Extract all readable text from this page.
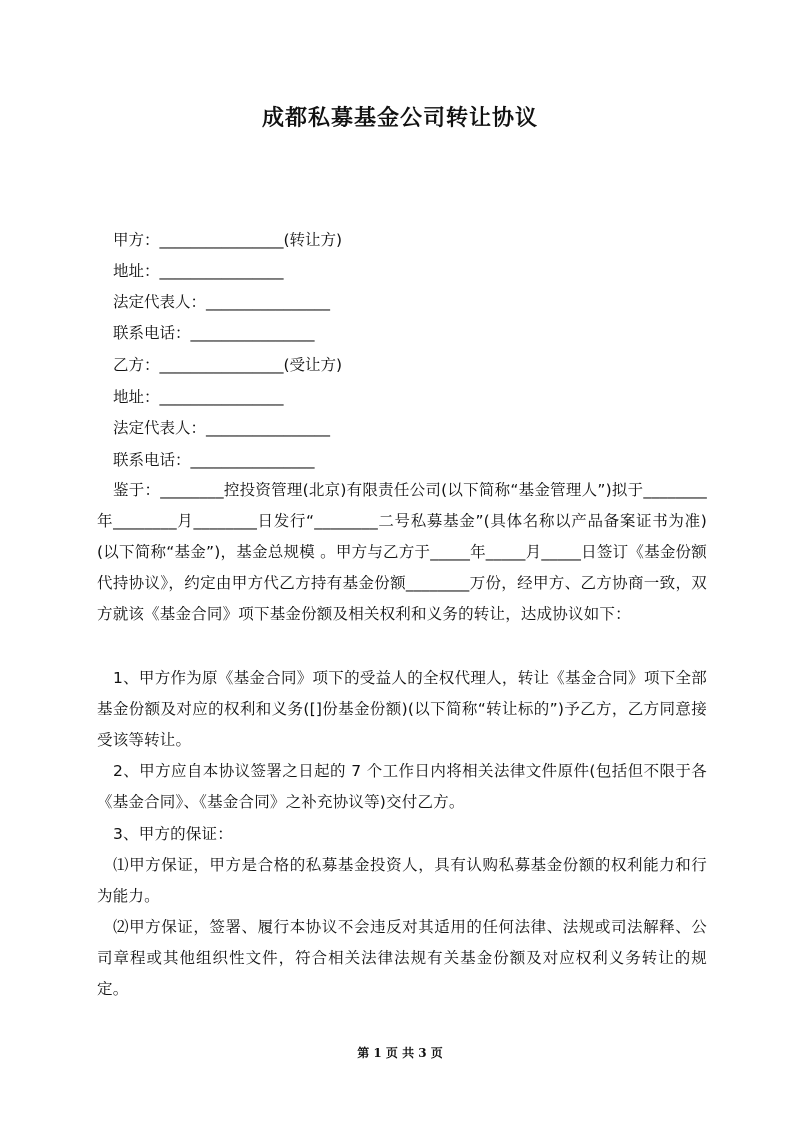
成都私募基金公司转让协议
甲方：________________(转让方)
地址：________________
法定代表人：________________
联系电话：________________
乙方：________________(受让方)
地址：________________
法定代表人：________________
联系电话：________________
鉴于：________控投资管理(北京)有限责任公司(以下简称“基金管理人”)拟于________年________月________日发行“________二号私募基金”(具体名称以产品备案证书为准)(以下简称“基金”)，基金总规模 。甲方与乙方于_____年_____月_____日签订《基金份额代持协议》，约定由甲方代乙方持有基金份额________万份，经甲方、乙方协商一致，双方就该《基金合同》项下基金份额及相关权利和义务的转让，达成协议如下：
1、甲方作为原《基金合同》项下的受益人的全权代理人，转让《基金合同》项下全部基金份额及对应的权利和义务([]份基金份额)(以下简称“转让标的”)予乙方，乙方同意接受该等转让。
2、甲方应自本协议签署之日起的 7 个工作日内将相关法律文件原件(包括但不限于各《基金合同》、《基金合同》之补充协议等)交付乙方。
3、甲方的保证：
⑴甲方保证，甲方是合格的私募基金投资人，具有认购私募基金份额的权利能力和行为能力。
⑵甲方保证，签署、履行本协议不会违反对其适用的任何法律、法规或司法解释、公司章程或其他组织性文件，符合相关法律法规有关基金份额及对应权利义务转让的规定。
第 1 页 共 3 页
